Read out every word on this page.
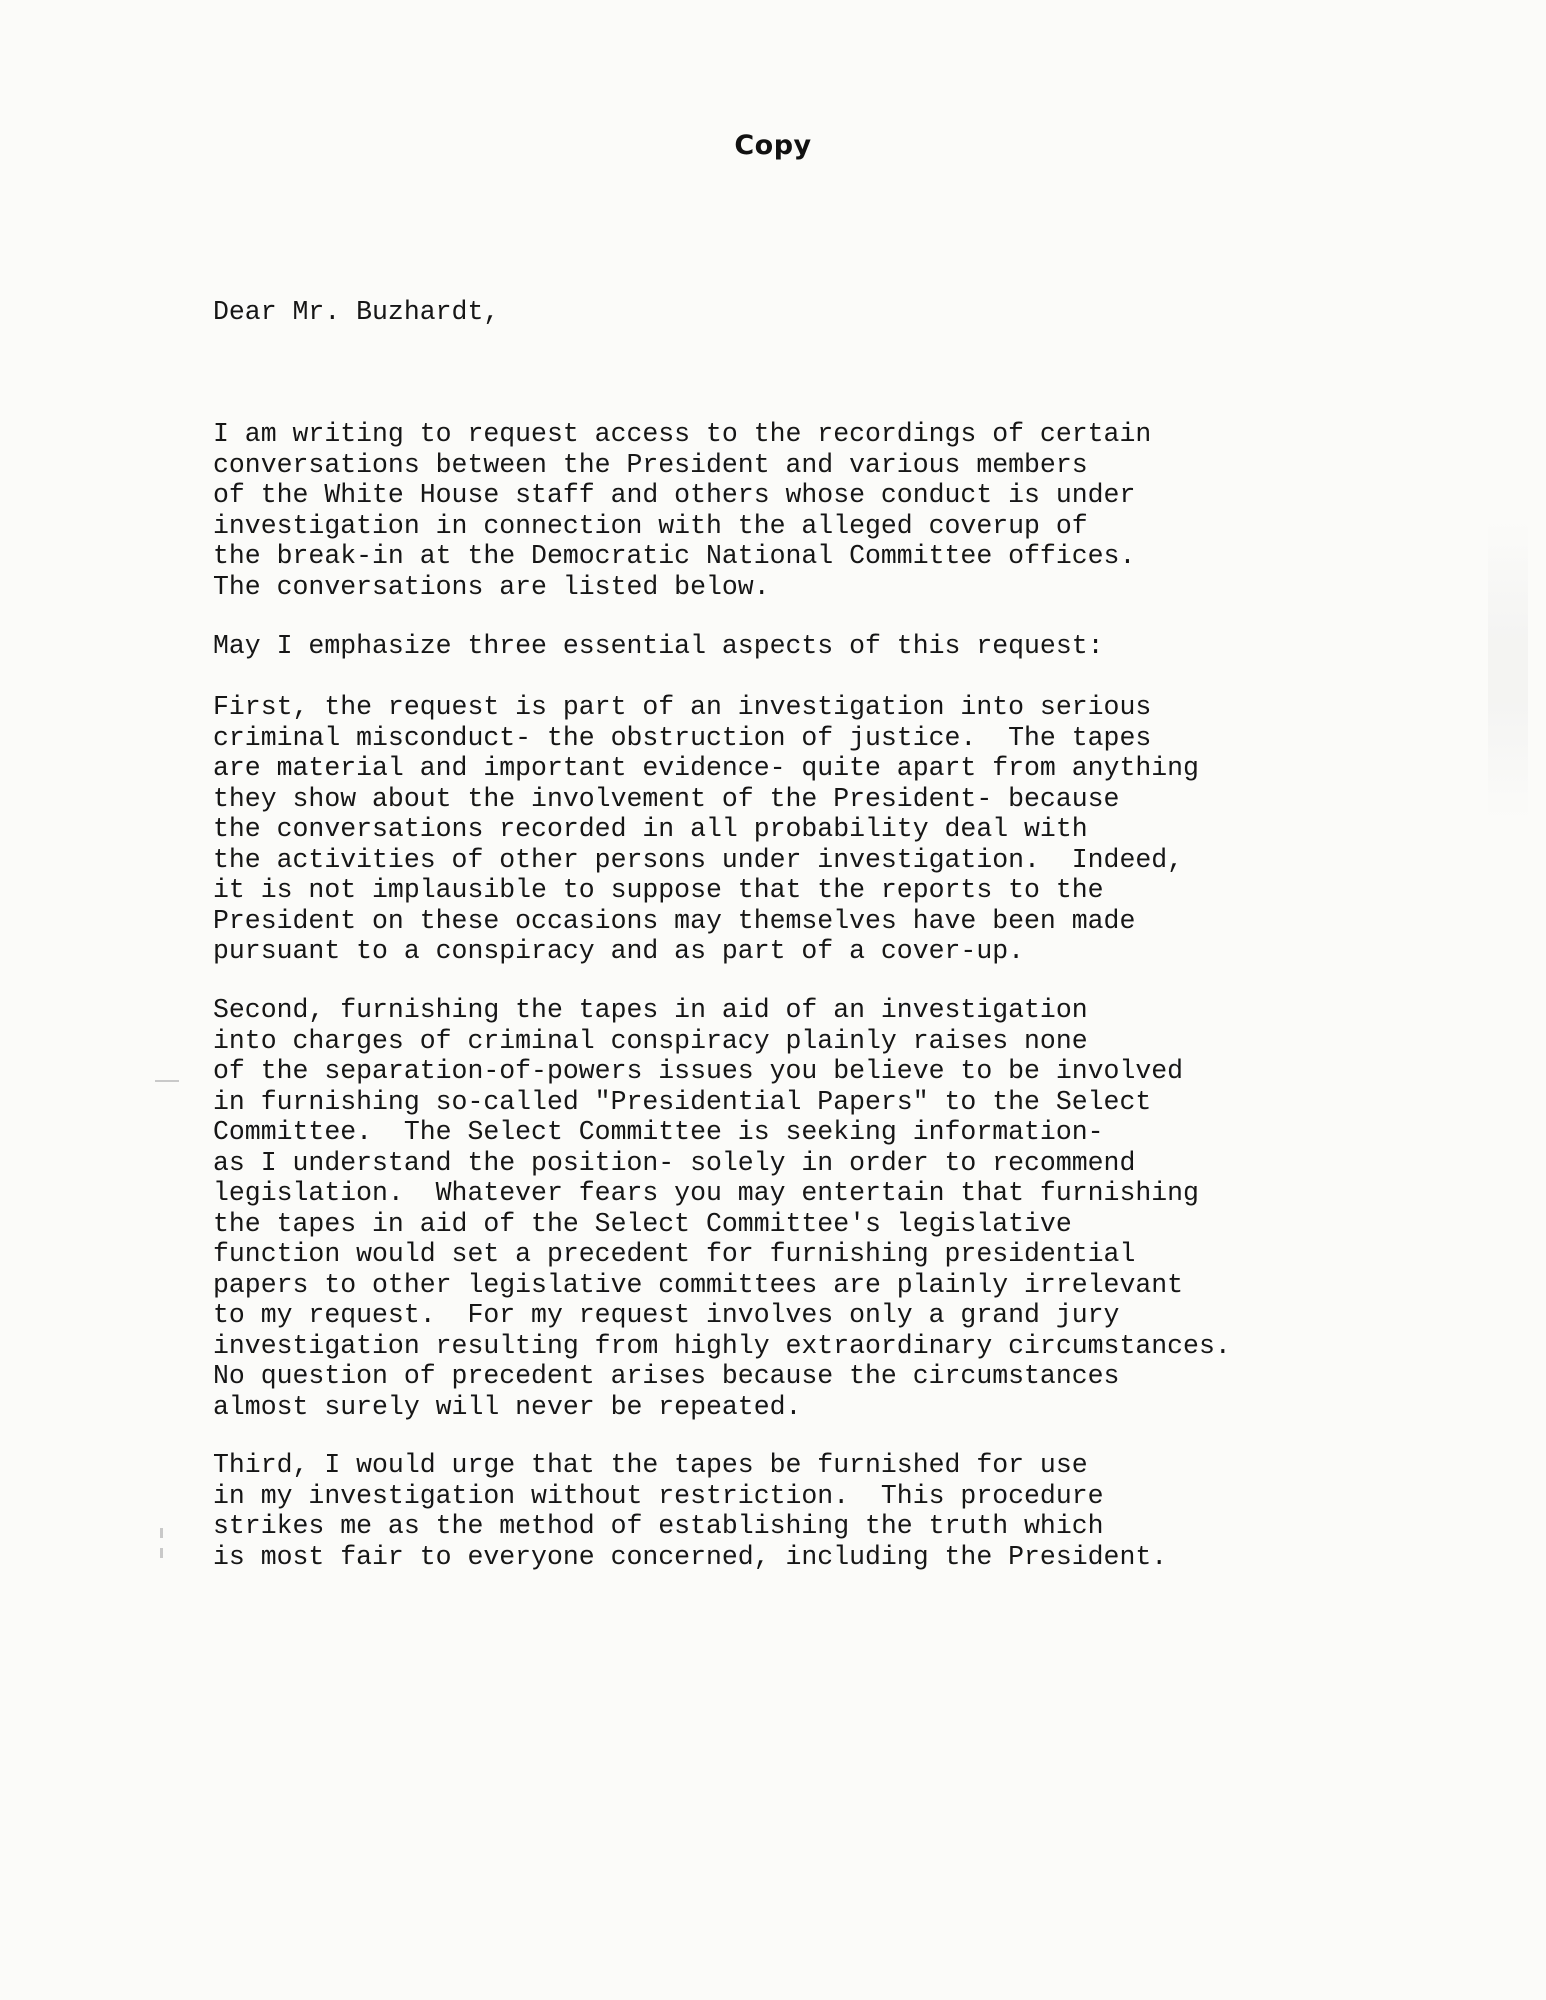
Copy
Dear Mr. Buzhardt,
I am writing to request access to the recordings of certain
conversations between the President and various members
of the White House staff and others whose conduct is under
investigation in connection with the alleged coverup of
the break-in at the Democratic National Committee offices.
The conversations are listed below.
May I emphasize three essential aspects of this request:
First, the request is part of an investigation into serious
criminal misconduct- the obstruction of justice.  The tapes
are material and important evidence- quite apart from anything
they show about the involvement of the President- because
the conversations recorded in all probability deal with
the activities of other persons under investigation.  Indeed,
it is not implausible to suppose that the reports to the
President on these occasions may themselves have been made
pursuant to a conspiracy and as part of a cover-up.
Second, furnishing the tapes in aid of an investigation
into charges of criminal conspiracy plainly raises none
of the separation-of-powers issues you believe to be involved
in furnishing so-called "Presidential Papers" to the Select
Committee.  The Select Committee is seeking information-
as I understand the position- solely in order to recommend
legislation.  Whatever fears you may entertain that furnishing
the tapes in aid of the Select Committee's legislative
function would set a precedent for furnishing presidential
papers to other legislative committees are plainly irrelevant
to my request.  For my request involves only a grand jury
investigation resulting from highly extraordinary circumstances.
No question of precedent arises because the circumstances
almost surely will never be repeated.
Third, I would urge that the tapes be furnished for use
in my investigation without restriction.  This procedure
strikes me as the method of establishing the truth which
is most fair to everyone concerned, including the President.
